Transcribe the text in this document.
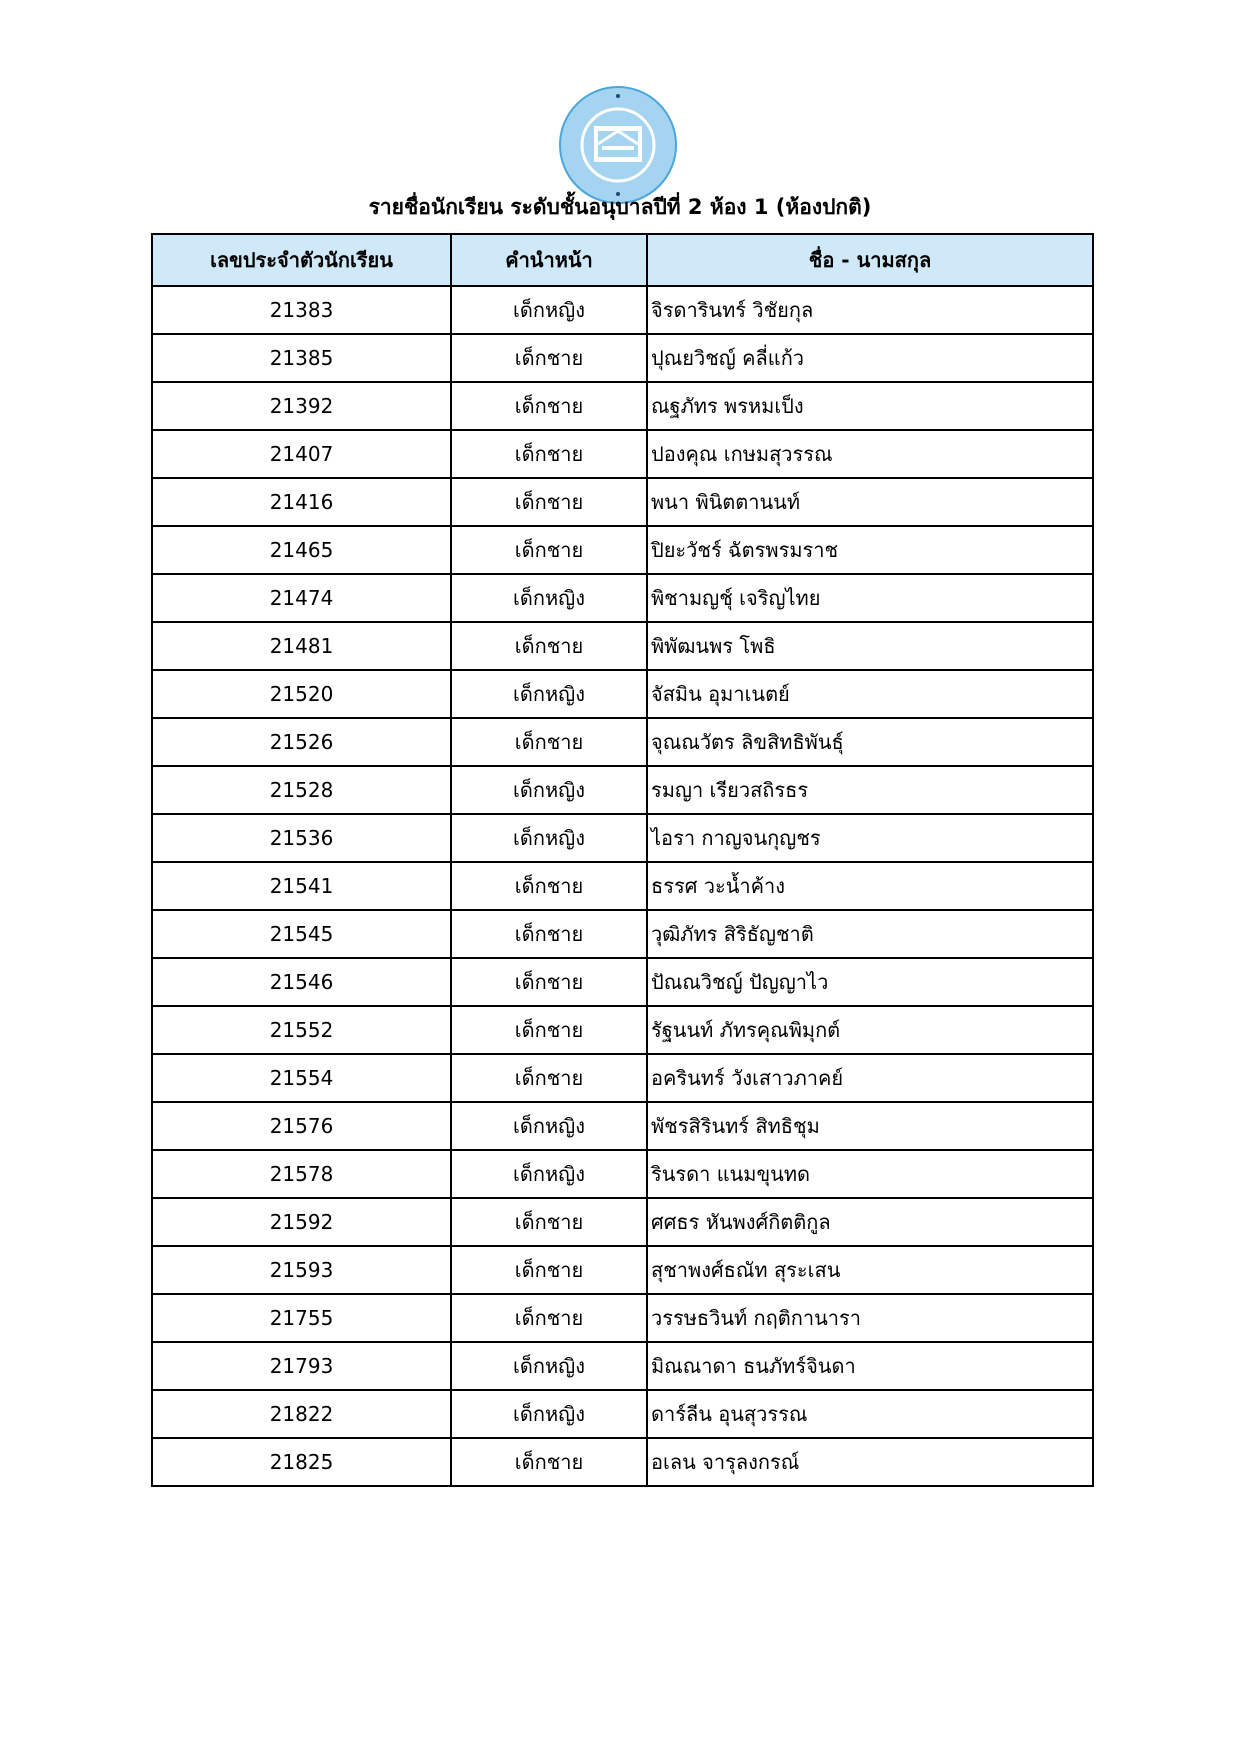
รายชื่อนักเรียน ระดับชั้นอนุบาลปีที่ 2 ห้อง 1 (ห้องปกติ)
เลขประจำตัวนักเรียน	คำนำหน้า	ชื่อ - นามสกุล
21383	เด็กหญิง	จิรดารินทร์ วิชัยกุล
21385	เด็กชาย	ปุณยวิชญ์ คลี่แก้ว
21392	เด็กชาย	ณฐภัทร พรหมเป็ง
21407	เด็กชาย	ปองคุณ เกษมสุวรรณ
21416	เด็กชาย	พนา พินิตตานนท์
21465	เด็กชาย	ปิยะวัชร์ ฉัตรพรมราช
21474	เด็กหญิง	พิชามญชุ์ เจริญไทย
21481	เด็กชาย	พิพัฒนพร โพธิ
21520	เด็กหญิง	จัสมิน อุมาเนตย์
21526	เด็กชาย	จุณณวัตร ลิขสิทธิพันธุ์
21528	เด็กหญิง	รมญา เรียวสถิรธร
21536	เด็กหญิง	ไอรา กาญจนกุญชร
21541	เด็กชาย	ธรรศ วะน้ำค้าง
21545	เด็กชาย	วุฒิภัทร สิริธัญชาติ
21546	เด็กชาย	ปัณณวิชญ์ ปัญญาไว
21552	เด็กชาย	รัฐนนท์ ภัทรคุณพิมุกต์
21554	เด็กชาย	อครินทร์ วังเสาวภาคย์
21576	เด็กหญิง	พัชรสิรินทร์ สิทธิชุม
21578	เด็กหญิง	รินรดา แนมขุนทด
21592	เด็กชาย	ศศธร หันพงศ์กิตติกูล
21593	เด็กชาย	สุชาพงศ์ธณัท สุระเสน
21755	เด็กชาย	วรรษธวินท์ กฤติกานารา
21793	เด็กหญิง	มิณณาดา ธนภัทร์จินดา
21822	เด็กหญิง	ดาร์ลีน อุนสุวรรณ
21825	เด็กชาย	อเลน จารุลงกรณ์
